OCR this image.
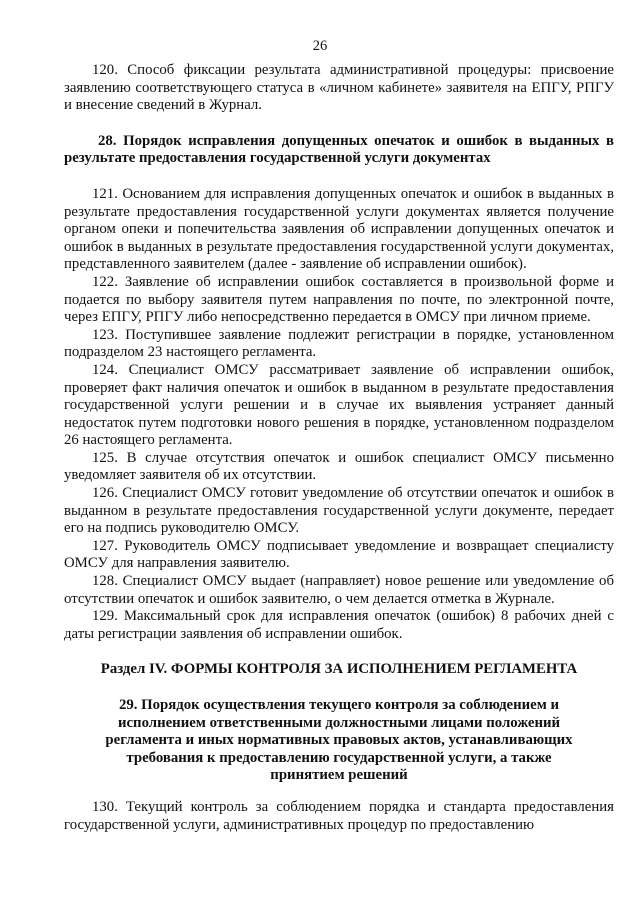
26

120. Способ фиксации результата административной процедуры: присвоение заявлению соответствующего статуса в «личном кабинете» заявителя на ЕПГУ, РПГУ и внесение сведений в Журнал.

28. Порядок исправления допущенных опечаток и ошибок в выданных в результате предоставления государственной услуги документах

121. Основанием для исправления допущенных опечаток и ошибок в выданных в результате предоставления государственной услуги документах является получение органом опеки и попечительства заявления об исправлении допущенных опечаток и ошибок в выданных в результате предоставления государственной услуги документах, представленного заявителем (далее - заявление об исправлении ошибок).

122. Заявление об исправлении ошибок составляется в произвольной форме и подается по выбору заявителя путем направления по почте, по электронной почте, через ЕПГУ, РПГУ либо непосредственно передается в ОМСУ при личном приеме.

123. Поступившее заявление подлежит регистрации в порядке, установленном подразделом 23 настоящего регламента.

124. Специалист ОМСУ рассматривает заявление об исправлении ошибок, проверяет факт наличия опечаток и ошибок в выданном в результате предоставления государственной услуги решении и в случае их выявления устраняет данный недостаток путем подготовки нового решения в порядке, установленном подразделом 26 настоящего регламента.

125. В случае отсутствия опечаток и ошибок специалист ОМСУ письменно уведомляет заявителя об их отсутствии.

126. Специалист ОМСУ готовит уведомление об отсутствии опечаток и ошибок в выданном в результате предоставления государственной услуги документе, передает его на подпись руководителю ОМСУ.

127. Руководитель ОМСУ подписывает уведомление и возвращает специалисту ОМСУ для направления заявителю.

128. Специалист ОМСУ выдает (направляет) новое решение или уведомление об отсутствии опечаток и ошибок заявителю, о чем делается отметка в Журнале.

129. Максимальный срок для исправления опечаток (ошибок) 8 рабочих дней с даты регистрации заявления об исправлении ошибок.

Раздел IV. ФОРМЫ КОНТРОЛЯ ЗА ИСПОЛНЕНИЕМ РЕГЛАМЕНТА
29. Порядок осуществления текущего контроля за соблюдением и исполнением ответственными должностными лицами положений регламента и иных нормативных правовых актов, устанавливающих требования к предоставлению государственной услуги, а также принятием решений

130. Текущий контроль за соблюдением порядка и стандарта предоставления государственной услуги, административных процедур по предоставлению
